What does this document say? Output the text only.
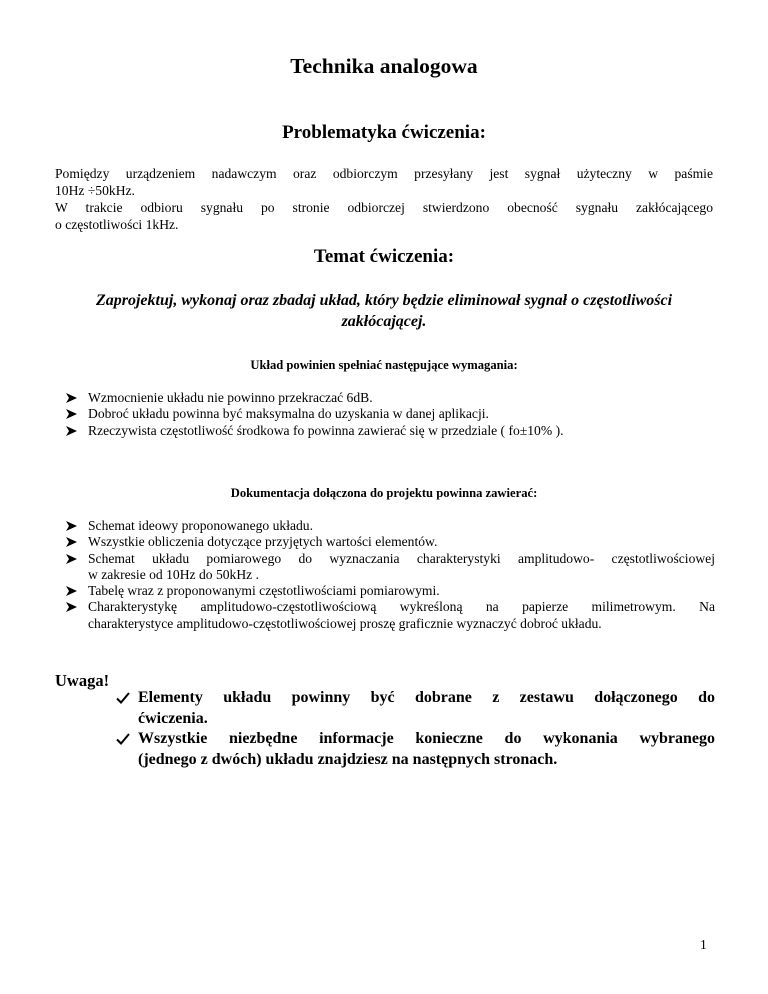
Technika analogowa
Problematyka ćwiczenia:
Pomiędzy urządzeniem nadawczym oraz odbiorczym przesyłany jest sygnał użyteczny w paśmie
10Hz ÷50kHz.
W trakcie odbioru sygnału po stronie odbiorczej stwierdzono obecność sygnału zakłócającego
o częstotliwości 1kHz.
Temat ćwiczenia:
Zaprojektuj, wykonaj oraz zbadaj układ, który będzie eliminował sygnał o częstotliwości
zakłócającej.
Układ powinien spełniać następujące wymagania:
Wzmocnienie układu nie powinno przekraczać 6dB.
Dobroć układu powinna być maksymalna do uzyskania w danej aplikacji.
Rzeczywista częstotliwość środkowa fo powinna zawierać się w przedziale ( fo±10% ).
Dokumentacja dołączona do projektu powinna zawierać:
Schemat ideowy proponowanego układu.
Wszystkie obliczenia dotyczące przyjętych wartości elementów.
Schemat układu pomiarowego do wyznaczania charakterystyki amplitudowo- częstotliwościowej
w zakresie od 10Hz do 50kHz .
Tabelę wraz z proponowanymi częstotliwościami pomiarowymi.
Charakterystykę amplitudowo-częstotliwościową wykreśloną na papierze milimetrowym. Na
charakterystyce amplitudowo-częstotliwościowej proszę graficznie wyznaczyć dobroć układu.
Uwaga!
Elementy układu powinny być dobrane z zestawu dołączonego do
ćwiczenia.
Wszystkie niezbędne informacje konieczne do wykonania wybranego
(jednego z dwóch) układu znajdziesz na następnych stronach.
1
